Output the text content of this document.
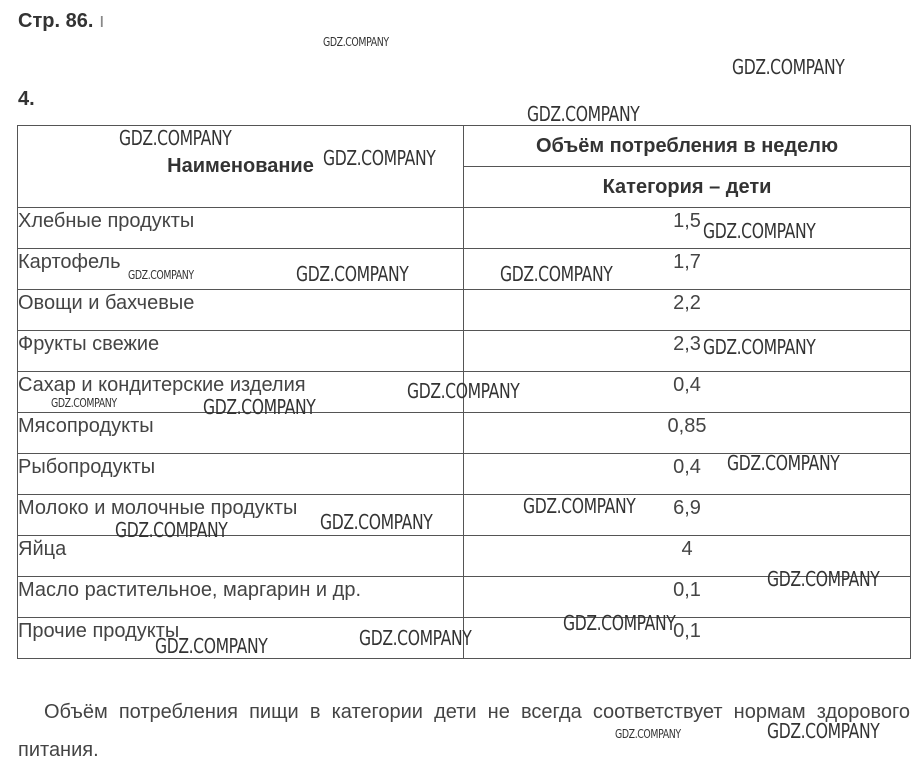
Стр. 86. ı
4.
Наименование	Объём потребления в неделю
	Категория – дети
Хлебные продукты	1,5
Картофель	1,7
Овощи и бахчевые	2,2
Фрукты свежие	2,3
Сахар и кондитерские изделия	0,4
Мясопродукты	0,85
Рыбопродукты	0,4
Молоко и молочные продукты	6,9
Яйца	4
Масло растительное, маргарин и др.	0,1
Прочие продукты	0,1
Объём потребления пищи в категории дети не всегда соответствует нормам здорового питания.
GDZ.COMPANY
GDZ.COMPANY
GDZ.COMPANY
GDZ.COMPANY
GDZ.COMPANY
GDZ.COMPANY
GDZ.COMPANY	GDZ.COMPANY	GDZ.COMPANY
GDZ.COMPANY
GDZ.COMPANY
GDZ.COMPANY	GDZ.COMPANY
GDZ.COMPANY
GDZ.COMPANY
GDZ.COMPANY
GDZ.COMPANY
GDZ.COMPANY
GDZ.COMPANY
GDZ.COMPANY
GDZ.COMPANY
GDZ.COMPANY	GDZ.COMPANY
